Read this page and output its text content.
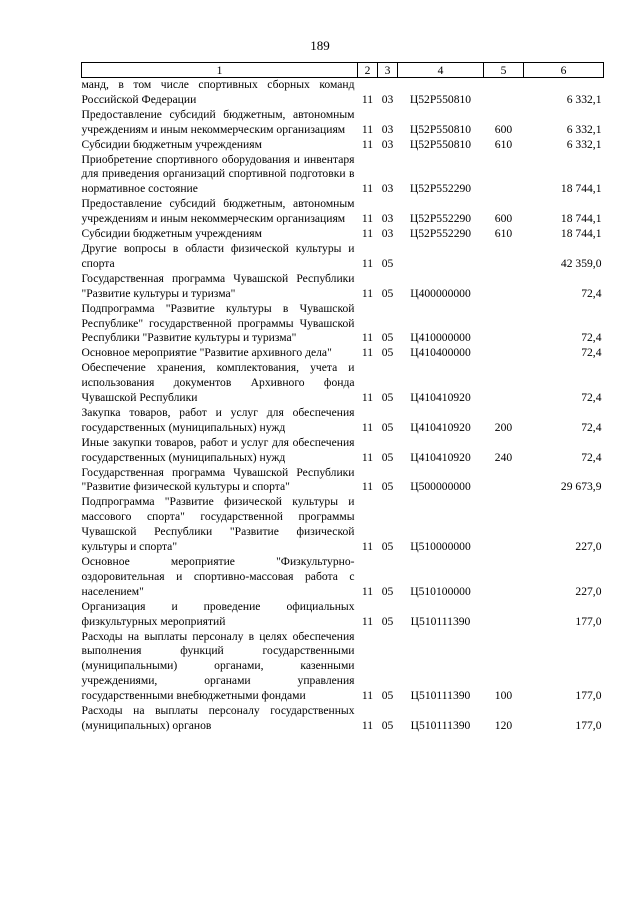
189
1	2	3	4	5	6
манд, в том числе спортивных сборных команд Российской Федерации	11	03	Ц52Р550810		6 332,1
Предоставление субсидий бюджетным, автономным учреждениям и иным некоммерческим организациям	11	03	Ц52Р550810	600	6 332,1
Субсидии бюджетным учреждениям	11	03	Ц52Р550810	610	6 332,1
Приобретение спортивного оборудования и инвентаря для приведения организаций спортивной подготовки в нормативное состояние	11	03	Ц52Р552290		18 744,1
Предоставление субсидий бюджетным, автономным учреждениям и иным некоммерческим организациям	11	03	Ц52Р552290	600	18 744,1
Субсидии бюджетным учреждениям	11	03	Ц52Р552290	610	18 744,1
Другие вопросы в области физической культуры и спорта	11	05			42 359,0
Государственная программа Чувашской Республики "Развитие культуры и туризма"	11	05	Ц400000000		72,4
Подпрограмма "Развитие культуры в Чувашской Республике" государственной программы Чувашской Республики "Развитие культуры и туризма"	11	05	Ц410000000		72,4
Основное мероприятие "Развитие архивного дела"	11	05	Ц410400000		72,4
Обеспечение хранения, комплектования, учета и использования документов Архивного фонда Чувашской Республики	11	05	Ц410410920		72,4
Закупка товаров, работ и услуг для обеспечения государственных (муниципальных) нужд	11	05	Ц410410920	200	72,4
Иные закупки товаров, работ и услуг для обеспечения государственных (муниципальных) нужд	11	05	Ц410410920	240	72,4
Государственная программа Чувашской Республики "Развитие физической культуры и спорта"	11	05	Ц500000000		29 673,9
Подпрограмма "Развитие физической культуры и массового спорта" государственной программы Чувашской Республики "Развитие физической культуры и спорта"	11	05	Ц510000000		227,0
Основное мероприятие "Физкультурно-оздоровительная и спортивно-массовая работа с населением"	11	05	Ц510100000		227,0
Организация и проведение официальных физкультурных мероприятий	11	05	Ц510111390		177,0
Расходы на выплаты персоналу в целях обеспечения выполнения функций государственными (муниципальными) органами, казенными учреждениями, органами управления государственными внебюджетными фондами	11	05	Ц510111390	100	177,0
Расходы на выплаты персоналу государственных (муниципальных) органов	11	05	Ц510111390	120	177,0
